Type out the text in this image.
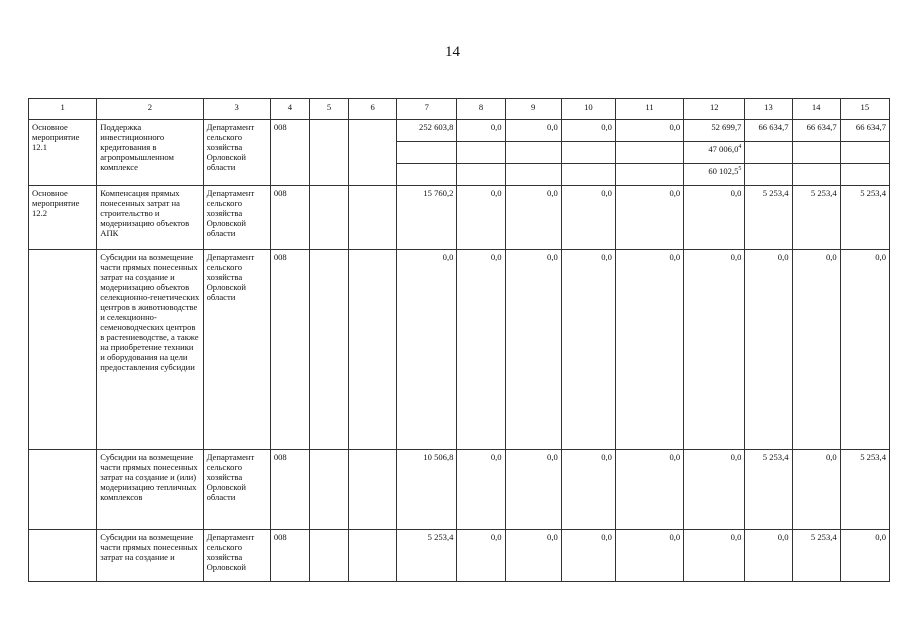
14
1	2	3	4	5	6	7	8	9	10	11	12	13	14	15
Основное мероприятие 12.1	Поддержка инвестиционного кредитования в агропромышленном комплексе	Департамент сельского хозяйства Орловской области	008			252 603,8	0,0	0,0	0,0	0,0	52 699,7	66 634,7	66 634,7	66 634,7
											47 006,0$^4$			
											60 102,5$^5$			
Основное мероприятие 12.2	Компенсация прямых понесенных затрат на строительство и модернизацию объектов АПК	Департамент сельского хозяйства Орловской области	008			15 760,2	0,0	0,0	0,0	0,0	0,0	5 253,4	5 253,4	5 253,4
	Субсидии на возмещение части прямых понесенных затрат на создание и модернизацию объектов селекционно-генетических центров в животноводстве и селекционно-семеноводческих центров в растениеводстве, а также на приобретение техники и оборудования на цели предоставления субсидии	Департамент сельского хозяйства Орловской области	008			0,0	0,0	0,0	0,0	0,0	0,0	0,0	0,0	0,0
	Субсидии на возмещение части прямых понесенных затрат на создание и (или) модернизацию тепличных комплексов	Департамент сельского хозяйства Орловской области	008			10 506,8	0,0	0,0	0,0	0,0	0,0	5 253,4	0,0	5 253,4
	Субсидии на возмещение части прямых понесенных затрат на создание и	Департамент сельского хозяйства Орловской	008			5 253,4	0,0	0,0	0,0	0,0	0,0	0,0	5 253,4	0,0
